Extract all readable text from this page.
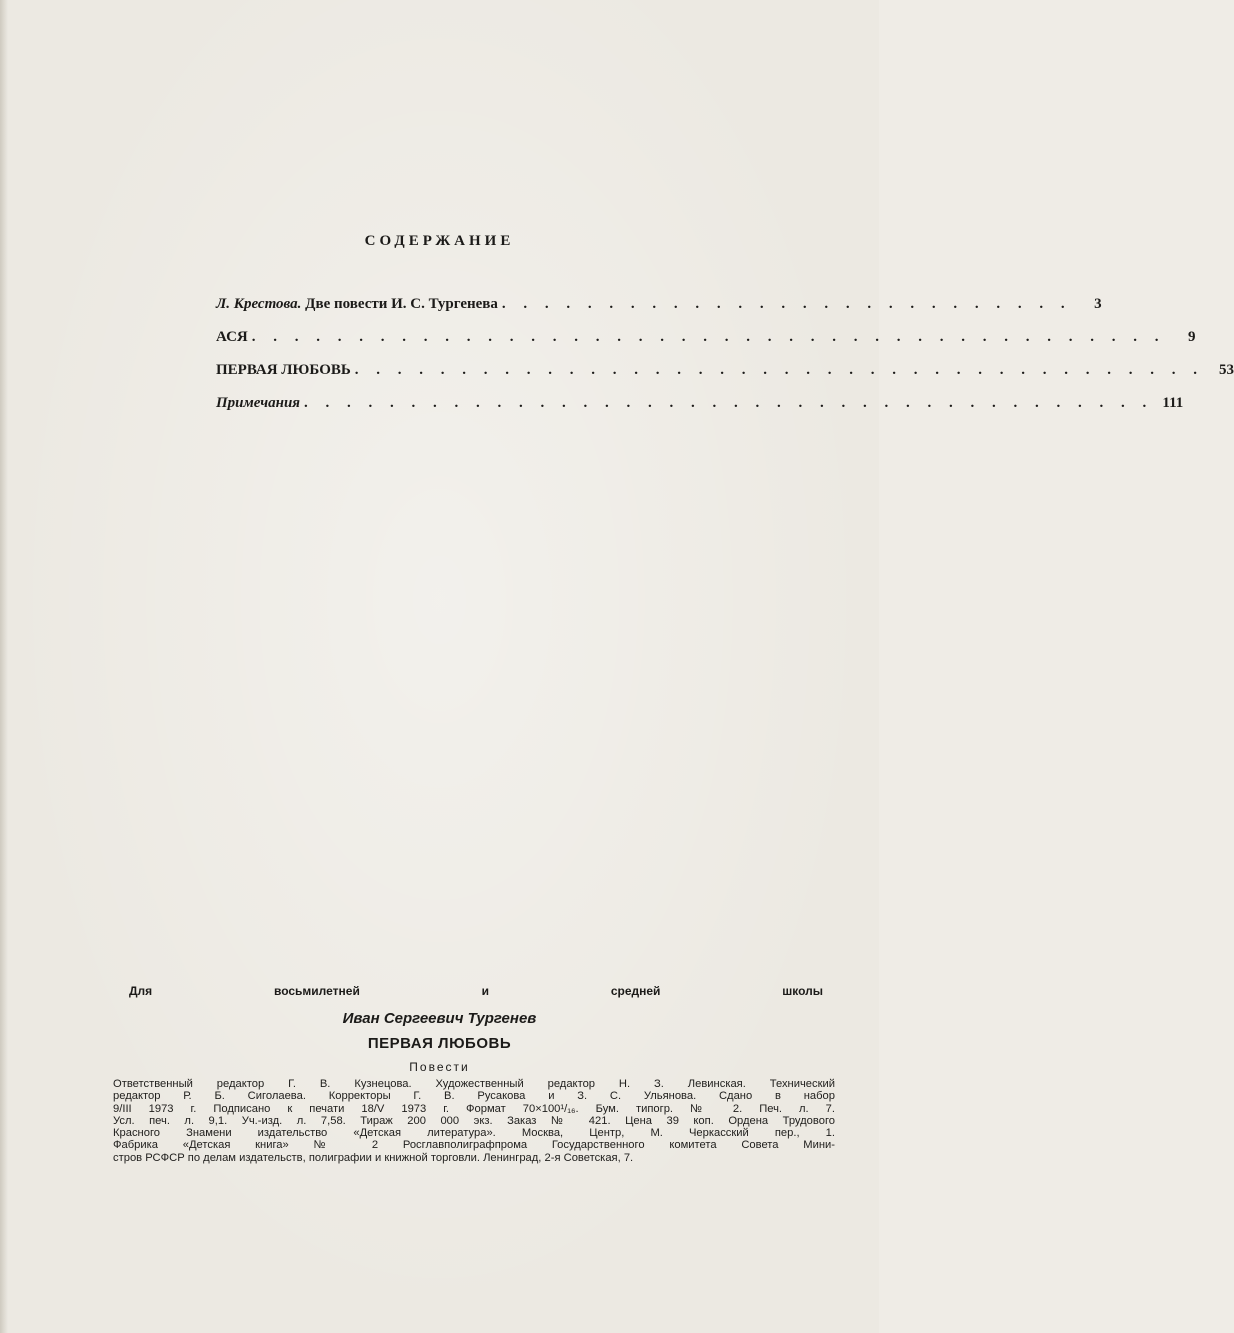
СОДЕРЖАНИЕ
Л. Крестова. Две повести И. С. Тургенева . . . . . . . . . . . . . . . . . . . . . . . . . . .	3
АСЯ . . . . . . . . . . . . . . . . . . . . . . . . . . . . . . . . . . . . . . . . . . .	9
ПЕРВАЯ ЛЮБОВЬ . . . . . . . . . . . . . . . . . . . . . . . . . . . . . . . . . . . . . . . .	53
Примечания . . . . . . . . . . . . . . . . . . . . . . . . . . . . . . . . . . . . . . . . 111
Для	восьмилетней	и	средней	школы
Иван Сергеевич Тургенев
ПЕРВАЯ ЛЮБОВЬ
Повести
Ответственный редактор Г. В. Кузнецова. Художественный редактор Н. З. Левинская. Технический
редактор Р. Б. Сиголаева. Корректоры Г. В. Русакова и З. С. Ульянова. Сдано в набор
9/III 1973 г. Подписано к печати 18/V 1973 г. Формат 70×100¹/₁₆. Бум. типогр. № 2. Печ. л. 7.
Усл. печ. л. 9,1. Уч.-изд. л. 7,58. Тираж 200 000 экз. Заказ № 421. Цена 39 коп. Ордена Трудового
Красного Знамени издательство «Детская литература». Москва, Центр, М. Черкасский пер., 1.
Фабрика «Детская книга» № 2 Росглавполиграфпрома Государственного комитета Совета Мини-
стров РСФСР по делам издательств, полиграфии и книжной торговли. Ленинград, 2-я Советская, 7.
